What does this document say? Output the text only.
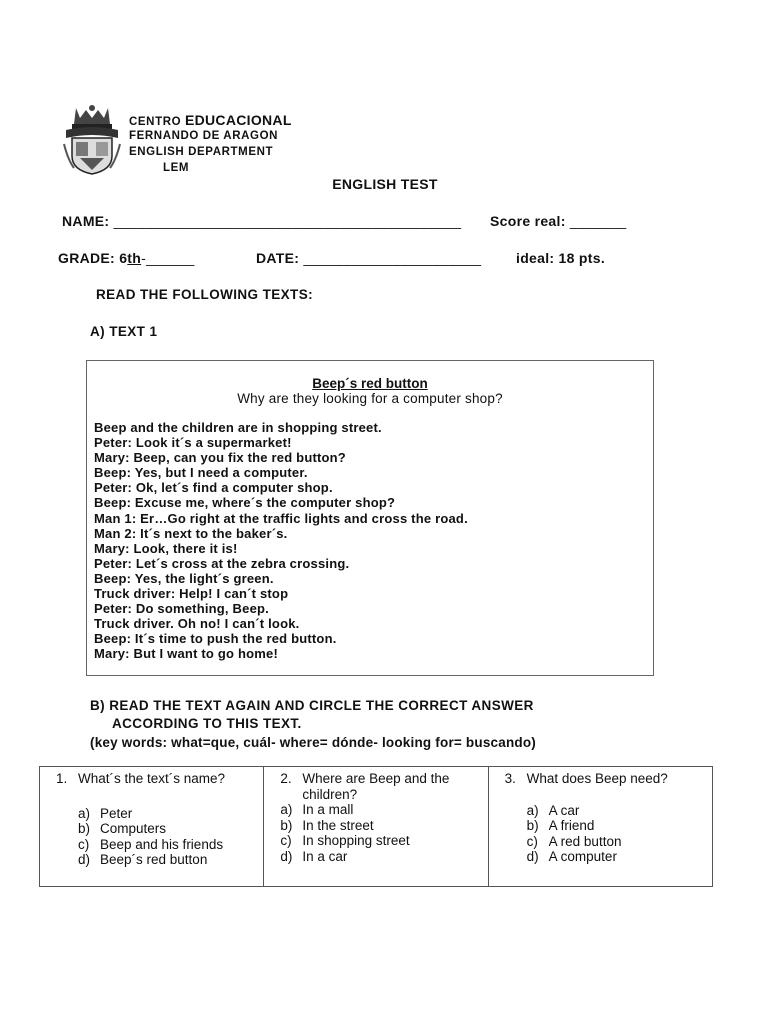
CENTRO EDUCACIONAL
FERNANDO DE ARAGON
ENGLISH DEPARTMENT
LEM
ENGLISH TEST
NAME: ___________________________________________ Score real: _______
GRADE: 6th-______	DATE: ______________________ ideal: 18 pts.
READ THE FOLLOWING TEXTS:
A) TEXT 1
Beep´s red button
Why are they looking for a computer shop?
Beep and the children are in shopping street.
Peter: Look it´s a supermarket!
Mary: Beep, can you fix the red button?
Beep: Yes, but I need a computer.
Peter: Ok, let´s find a computer shop.
Beep: Excuse me, where´s the computer shop?
Man 1: Er…Go right at the traffic lights and cross the road.
Man 2: It´s next to the baker´s.
Mary: Look, there it is!
Peter: Let´s cross at the zebra crossing.
Beep: Yes, the light´s green.
Truck driver: Help! I can´t stop
Peter: Do something, Beep.
Truck driver. Oh no! I can´t look.
Beep: It´s time to push the red button.
Mary: But I want to go home!
B) READ THE TEXT AGAIN AND CIRCLE THE CORRECT ANSWER
ACCORDING TO THIS TEXT.
(key words: what=que, cuál- where= dónde- looking for= buscando)
1. What´s the text´s name?
a) Peter
b) Computers
c) Beep and his friends
d) Beep´s red button

2. Where are Beep and the children?
a) In a mall
b) In the street
c) In shopping street
d) In a car

3. What does Beep need?
a) A car
b) A friend
c) A red button
d) A computer
